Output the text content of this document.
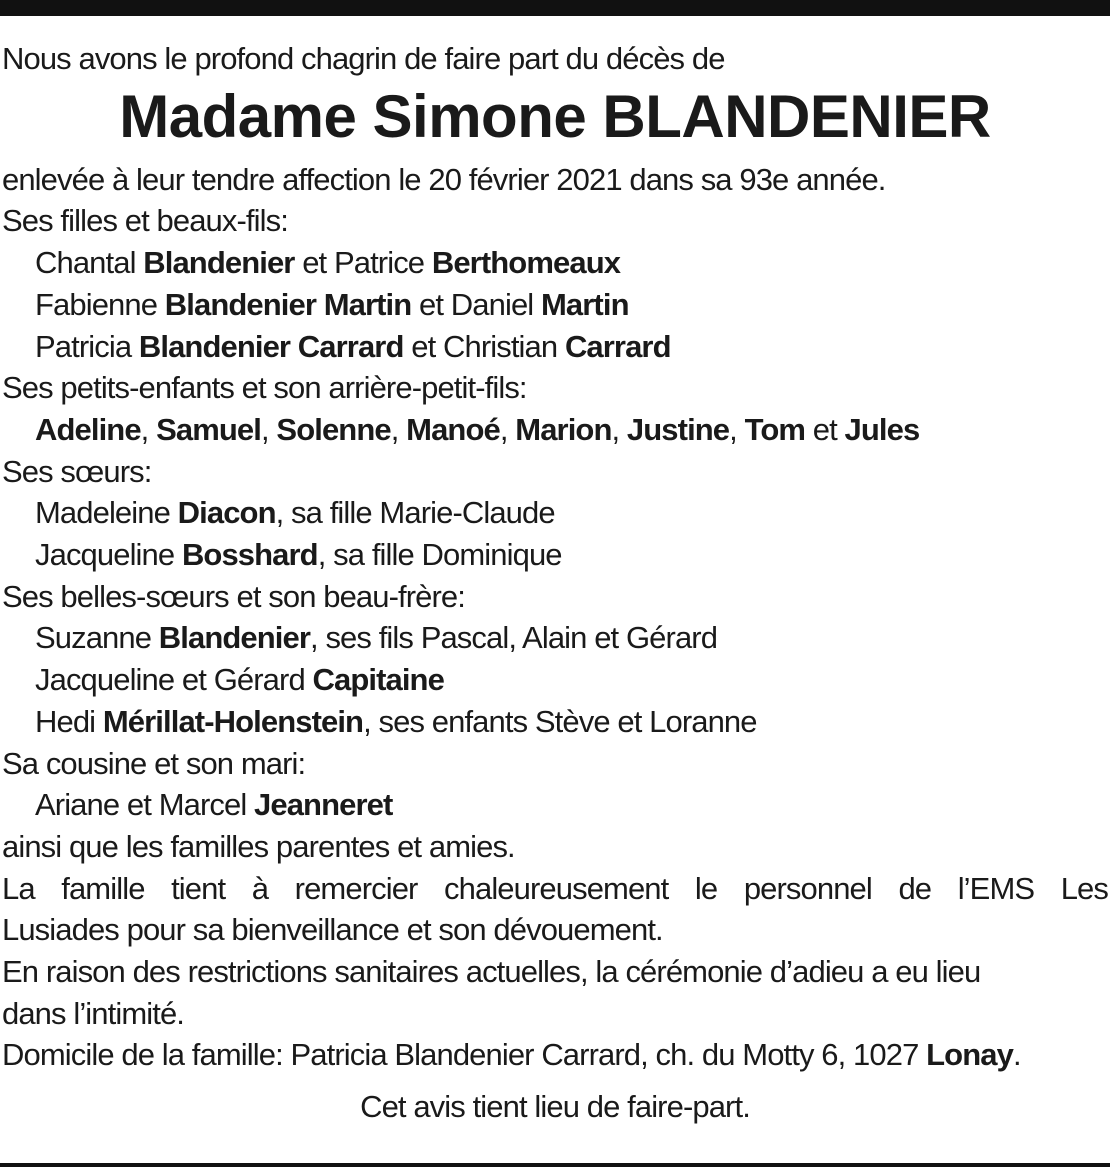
Nous avons le profond chagrin de faire part du décès de
Madame Simone BLANDENIER
enlevée à leur tendre affection le 20 février 2021 dans sa 93e année.
Ses filles et beaux-fils:
Chantal Blandenier et Patrice Berthomeaux
Fabienne Blandenier Martin et Daniel Martin
Patricia Blandenier Carrard et Christian Carrard
Ses petits-enfants et son arrière-petit-fils:
Adeline, Samuel, Solenne, Manoé, Marion, Justine, Tom et Jules
Ses sœurs:
Madeleine Diacon, sa fille Marie-Claude
Jacqueline Bosshard, sa fille Dominique
Ses belles-sœurs et son beau-frère:
Suzanne Blandenier, ses fils Pascal, Alain et Gérard
Jacqueline et Gérard Capitaine
Hedi Mérillat-Holenstein, ses enfants Stève et Loranne
Sa cousine et son mari:
Ariane et Marcel Jeanneret
ainsi que les familles parentes et amies.
La famille tient à remercier chaleureusement le personnel de l’EMS Les
Lusiades pour sa bienveillance et son dévouement.
En raison des restrictions sanitaires actuelles, la cérémonie d’adieu a eu lieu
dans l’intimité.
Domicile de la famille: Patricia Blandenier Carrard, ch. du Motty 6, 1027 Lonay.
Cet avis tient lieu de faire-part.
